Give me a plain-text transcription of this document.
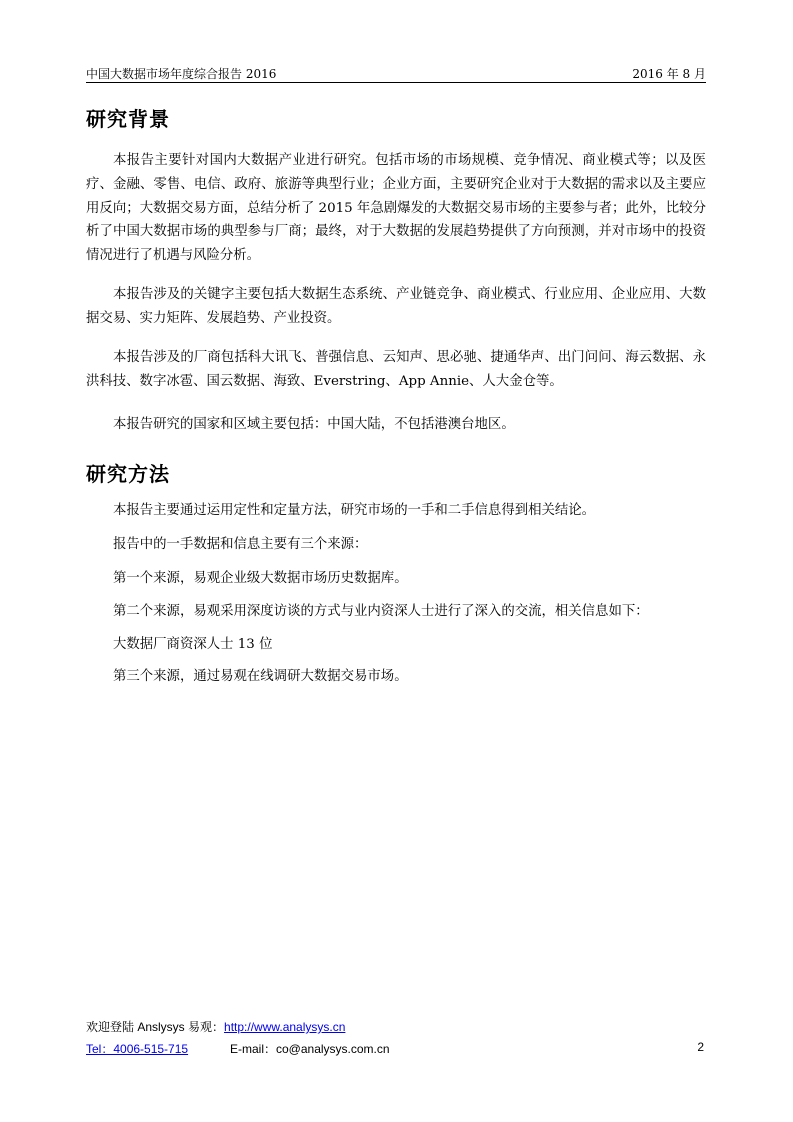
中国大数据市场年度综合报告 2016	2016 年 8 月
研究背景

本报告主要针对国内大数据产业进行研究。包括市场的市场规模、竞争情况、商业模式等；以及医疗、金融、零售、电信、政府、旅游等典型行业；企业方面，主要研究企业对于大数据的需求以及主要应用反向；大数据交易方面，总结分析了 2015 年急剧爆发的大数据交易市场的主要参与者；此外，比较分析了中国大数据市场的典型参与厂商；最终，对于大数据的发展趋势提供了方向预测，并对市场中的投资情况进行了机遇与风险分析。

本报告涉及的关键字主要包括大数据生态系统、产业链竞争、商业模式、行业应用、企业应用、大数据交易、实力矩阵、发展趋势、产业投资。

本报告涉及的厂商包括科大讯飞、普强信息、云知声、思必驰、捷通华声、出门问问、海云数据、永洪科技、数字冰雹、国云数据、海致、Everstring、App Annie、人大金仓等。

本报告研究的国家和区域主要包括：中国大陆，不包括港澳台地区。

研究方法

本报告主要通过运用定性和定量方法，研究市场的一手和二手信息得到相关结论。

报告中的一手数据和信息主要有三个来源：

第一个来源，易观企业级大数据市场历史数据库。

第二个来源，易观采用深度访谈的方式与业内资深人士进行了深入的交流，相关信息如下：

大数据厂商资深人士 13 位

第三个来源，通过易观在线调研大数据交易市场。

欢迎登陆 Anslysys 易观：http://www.analysys.cn
Tel：4006-515-715	E-mail：co@analysys.com.cn	2
